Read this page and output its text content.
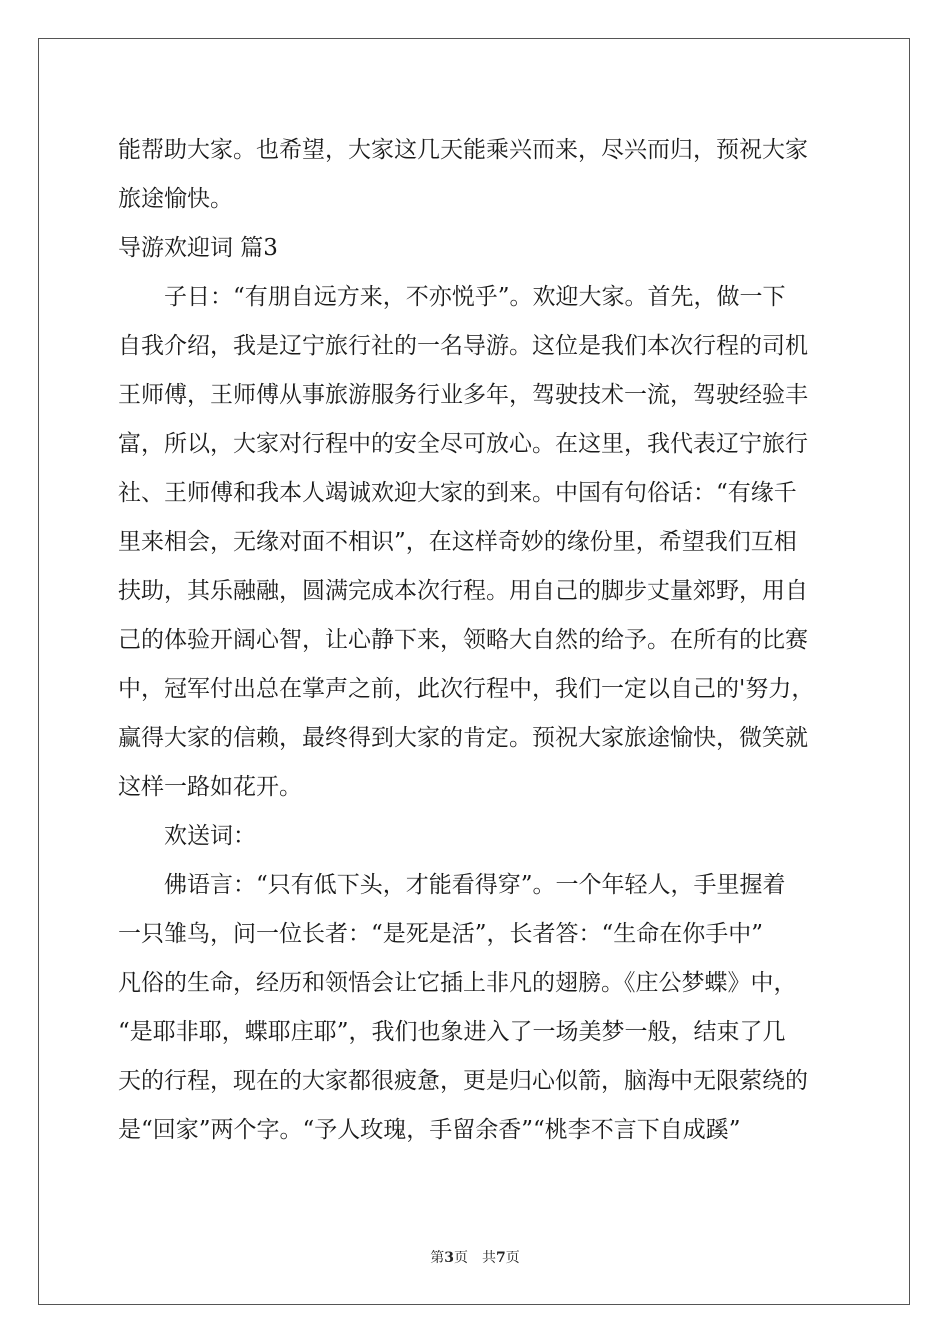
能帮助大家。也希望，大家这几天能乘兴而来，尽兴而归，预祝大家
旅途愉快。
导游欢迎词 篇3
子日：“有朋自远方来，不亦悦乎”。欢迎大家。首先，做一下
自我介绍，我是辽宁旅行社的一名导游。这位是我们本次行程的司机
王师傅，王师傅从事旅游服务行业多年，驾驶技术一流，驾驶经验丰
富，所以，大家对行程中的安全尽可放心。在这里，我代表辽宁旅行
社、王师傅和我本人竭诚欢迎大家的到来。中国有句俗话：“有缘千
里来相会，无缘对面不相识”，在这样奇妙的缘份里，希望我们互相
扶助，其乐融融，圆满完成本次行程。用自己的脚步丈量郊野，用自
己的体验开阔心智，让心静下来，领略大自然的给予。在所有的比赛
中，冠军付出总在掌声之前，此次行程中，我们一定以自己的'努力，
赢得大家的信赖，最终得到大家的肯定。预祝大家旅途愉快，微笑就
这样一路如花开。
欢送词：
佛语言：“只有低下头，才能看得穿”。一个年轻人，手里握着
一只雏鸟，问一位长者：“是死是活”，长者答：“生命在你手中”
凡俗的生命，经历和领悟会让它插上非凡的翅膀。《庄公梦蝶》中，
“是耶非耶，蝶耶庄耶”，我们也象进入了一场美梦一般，结束了几
天的行程，现在的大家都很疲惫，更是归心似箭，脑海中无限萦绕的
是“回家”两个字。“予人玫瑰，手留余香”“桃李不言下自成蹊”
第3页　共7页
